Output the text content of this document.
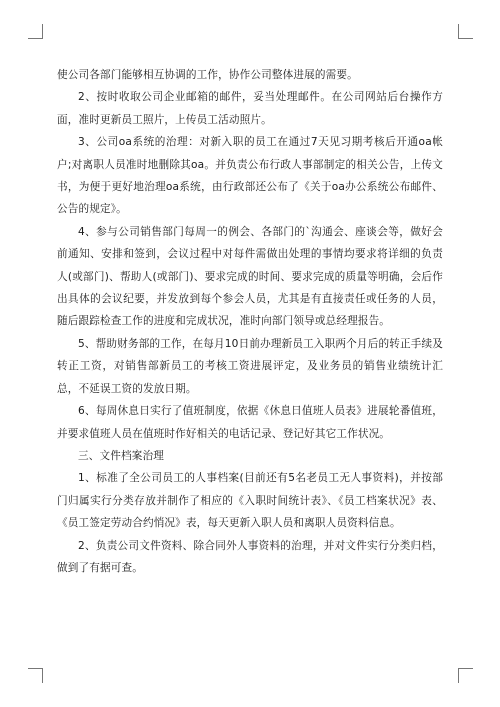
使公司各部门能够相互协调的工作，协作公司整体进展的需要。

2、按时收取公司企业邮箱的邮件，妥当处理邮件。在公司网站后台操作方面，准时更新员工照片，上传员工活动照片。

3、公司oa系统的治理：对新入职的员工在通过7天见习期考核后开通oa帐户;对离职人员准时地删除其oa。并负责公布行政人事部制定的相关公告，上传文书，为便于更好地治理oa系统，由行政部还公布了《关于oa办公系统公布邮件、公告的规定》。

4、参与公司销售部门每周一的例会、各部门的`沟通会、座谈会等，做好会前通知、安排和签到，会议过程中对每件需做出处理的事情均要求将详细的负责人(或部门)、帮助人(或部门)、要求完成的时间、要求完成的质量等明确，会后作出具体的会议纪要，并发放到每个参会人员，尤其是有直接责任或任务的人员，随后跟踪检查工作的进度和完成状况，准时向部门领导或总经理报告。

5、帮助财务部的工作，在每月10日前办理新员工入职两个月后的转正手续及转正工资，对销售部新员工的考核工资进展评定，及业务员的销售业绩统计汇总，不延误工资的发放日期。

6、每周休息日实行了值班制度，依据《休息日值班人员表》进展轮番值班，并要求值班人员在值班时作好相关的电话记录、登记好其它工作状况。

三、文件档案治理

1、标准了全公司员工的人事档案(目前还有5名老员工无人事资料)，并按部门归属实行分类存放并制作了相应的《入职时间统计表》、《员工档案状况》表、《员工签定劳动合约悄况》表，每天更新入职人员和离职人员资料信息。

2、负责公司文件资料、除合同外人事资料的治理，并对文件实行分类归档，做到了有据可查。
